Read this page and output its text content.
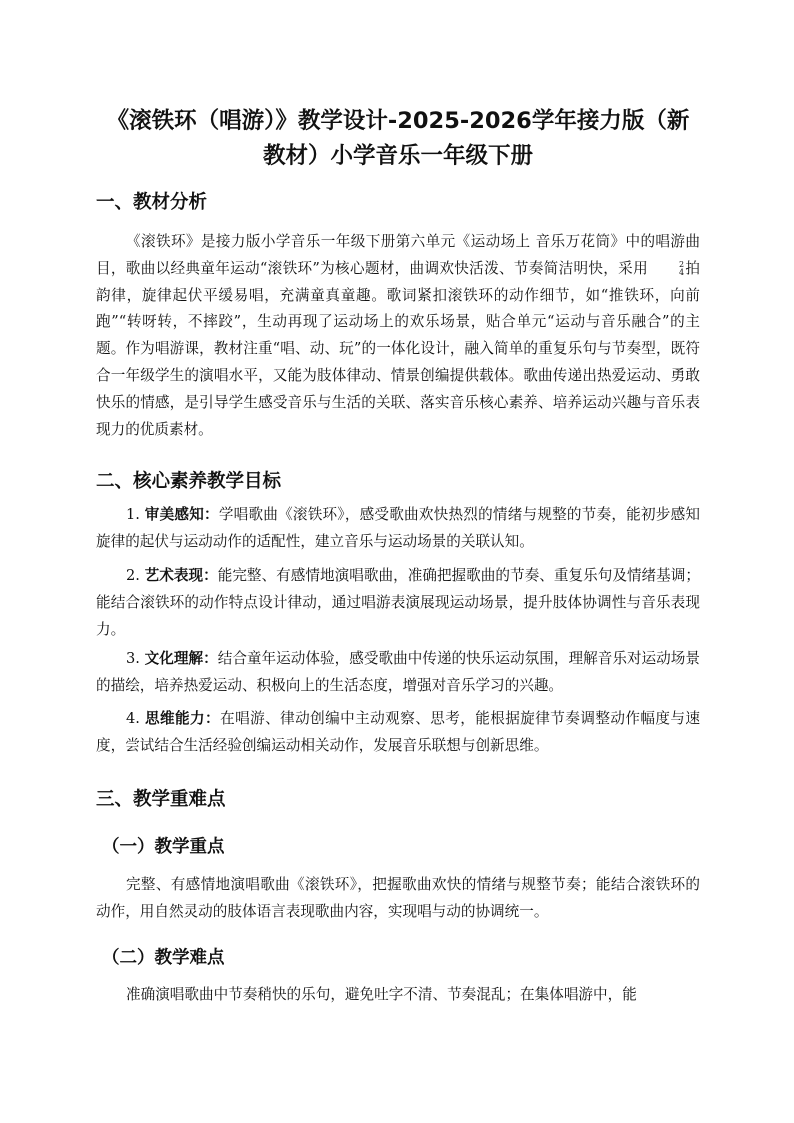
《滚铁环（唱游）》教学设计-2025-2026学年接力版（新
教材）小学音乐一年级下册
一、教材分析
《滚铁环》是接力版小学音乐一年级下册第六单元《运动场上 音乐万花筒》中的唱游曲目，歌曲以经典童年运动“滚铁环”为核心题材，曲调欢快活泼、节奏简洁明快，采用	2
4 拍韵律，旋律起伏平缓易唱，充满童真童趣。歌词紧扣滚铁环的动作细节，如“推铁环，向前跑”“转呀转，不摔跤”，生动再现了运动场上的欢乐场景，贴合单元“运动与音乐融合”的主题。作为唱游课，教材注重“唱、动、玩”的一体化设计，融入简单的重复乐句与节奏型，既符合一年级学生的演唱水平，又能为肢体律动、情景创编提供载体。歌曲传递出热爱运动、勇敢快乐的情感，是引导学生感受音乐与生活的关联、落实音乐核心素养、培养运动兴趣与音乐表现力的优质素材。
二、核心素养教学目标
1. 审美感知：学唱歌曲《滚铁环》，感受歌曲欢快热烈的情绪与规整的节奏，能初步感知旋律的起伏与运动动作的适配性，建立音乐与运动场景的关联认知。
2. 艺术表现：能完整、有感情地演唱歌曲，准确把握歌曲的节奏、重复乐句及情绪基调；能结合滚铁环的动作特点设计律动，通过唱游表演展现运动场景，提升肢体协调性与音乐表现力。
3. 文化理解：结合童年运动体验，感受歌曲中传递的快乐运动氛围，理解音乐对运动场景的描绘，培养热爱运动、积极向上的生活态度，增强对音乐学习的兴趣。
4. 思维能力：在唱游、律动创编中主动观察、思考，能根据旋律节奏调整动作幅度与速度，尝试结合生活经验创编运动相关动作，发展音乐联想与创新思维。
三、教学重难点
（一）教学重点
完整、有感情地演唱歌曲《滚铁环》，把握歌曲欢快的情绪与规整节奏；能结合滚铁环的动作，用自然灵动的肢体语言表现歌曲内容，实现唱与动的协调统一。
（二）教学难点
准确演唱歌曲中节奏稍快的乐句，避免吐字不清、节奏混乱；在集体唱游中，能
